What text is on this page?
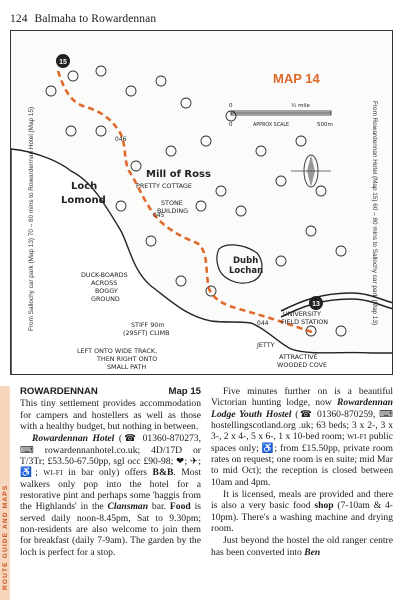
124 Balmaha to Rowardennan
15
13
MAP 14
0	½ mile
0	APPROX SCALE	500m
From Sallochy car park (Map 13) 70 – 80 mins to Rowardennan Hotel (Map 15)	From Rowardennan Hotel (Map 15) 60 – 80 mins to Sallochy car park (Map 13)
046
045
044
Mill of Ross
PRETTY COTTAGE
STONE
BUILDING
Loch
Lomond
Dubh
Lochan
DUCK-BOARDS
ACROSS
BOGGY
GROUND
STIFF 90m
(295FT) CLIMB
LEFT ONTO WIDE TRACK,
THEN RIGHT ONTO
SMALL PATH
UNIVERSITY
FIELD STATION
JETTY
ATTRACTIVE
WOODED COVE
ROUTE GUIDE AND MAPS
ROWARDENNAN	Map 15

This tiny settlement provides accommodation for campers and hostellers as well as those with a healthy budget, but nothing in between.

Rowardennan Hotel (☎ 01360-870273, ⌨ rowardennanhotel.co.uk; 4D/17D or T/3Tr; £53.50-67.50pp, sgl occ £90-98; ❤; ✈; ♿; WI-FI in bar only) offers B&B. Most walkers only pop into the hotel for a restorative pint and perhaps some 'haggis from the Highlands' in the Clansman bar. Food is served daily noon-8.45pm, Sat to 9.30pm; non-residents are also welcome to join them for breakfast (daily 7-9am). The garden by the loch is perfect for a stop.

Five minutes further on is a beautiful Victorian hunting lodge, now Rowardennan Lodge Youth Hostel (☎ 01360-870259, ⌨ hostellingscotland.org .uk; 63 beds; 3 x 2-, 3 x 3-, 2 x 4-, 5 x 6-, 1 x 10-bed room; WI-FI public spaces only; ♿; from £15.50pp, private room rates on request; one room is en suite; mid Mar to mid Oct); the reception is closed between 10am and 4pm.

It is licensed, meals are provided and there is also a very basic food shop (7-10am & 4-10pm). There's a washing machine and drying room.

Just beyond the hostel the old ranger centre has been converted into Ben
